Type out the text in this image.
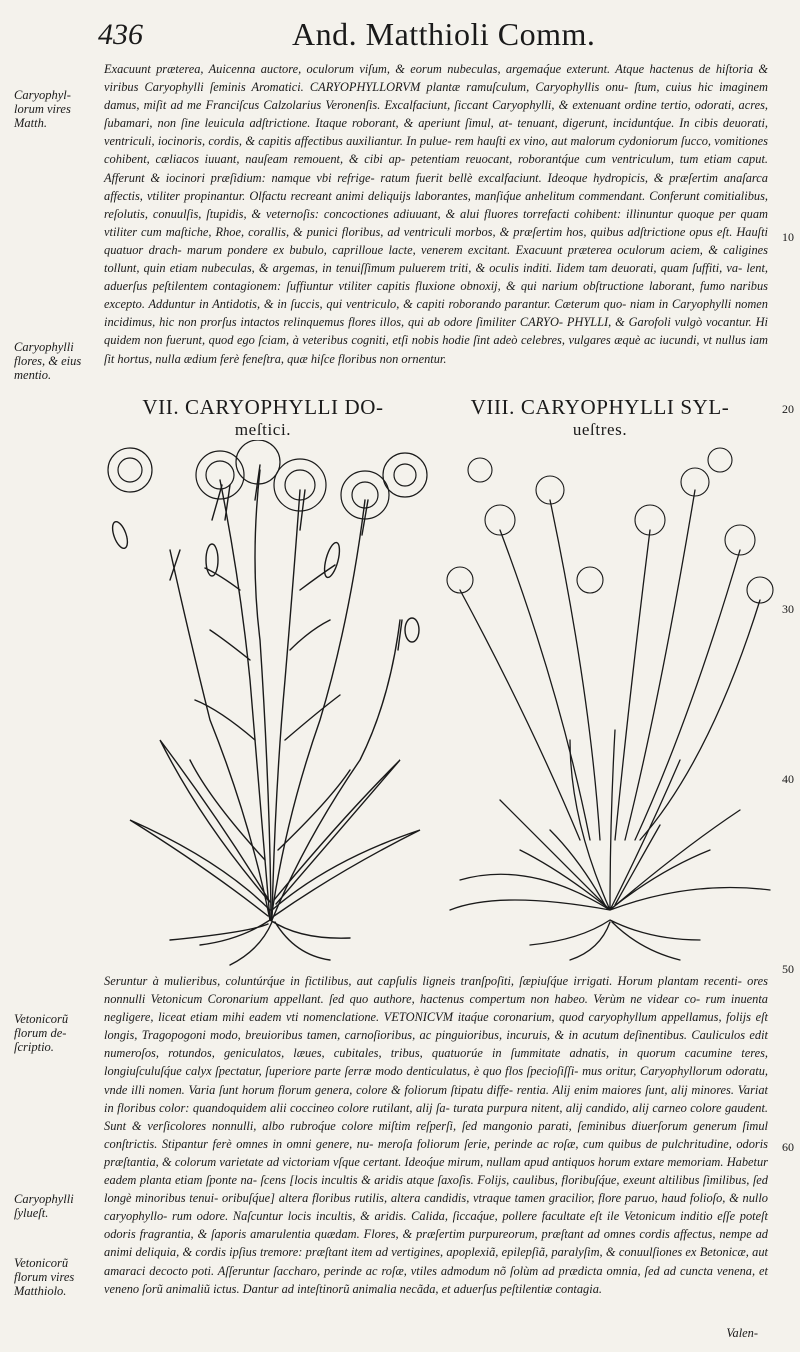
436	And. Matthioli Comm.
Caryophyl- lorum vires Matth.
Caryophylli flores, & eius mentio.
Vetonicorũ florum de- ſcriptio.
Caryophylli ſylueſt.
Vetonicorũ florum vires Matthiolo.
10
20
30
40
50
60

Exacuunt præterea, Auicenna auctore, oculorum viſum, & eorum nubeculas, argemaq́ue exterunt. Atque hactenus de hiſtoria & viribus Caryophylli ſeminis Aromatici. CARYOPHYLLORVM plantæ ramuſculum, Caryophyllis onu- ſtum, cuius hic imaginem damus, miſit ad me Franciſcus Calzolarius Veronenſis. Excalfaciunt, ſiccant Caryophylli, & extenuant ordine tertio, odorati, acres, ſubamari, non ſine leuicula adſtrictione. Itaque roborant, & aperiunt ſimul, at- tenuant, digerunt, inciduntq́ue. In cibis deuorati, ventriculi, iocinoris, cordis, & capitis affectibus auxiliantur. In pulue- rem hauſti ex vino, aut malorum cydoniorum ſucco, vomitiones cohibent, cæliacos iuuant, nauſeam remouent, & cibi ap- petentiam reuocant, roborantq́ue cum ventriculum, tum etiam caput. Afferunt & iocinori præſidium: namque vbi refrige- ratum fuerit bellè excalfaciunt. Ideoque hydropicis, & præſertim anaſarca affectis, vtiliter propinantur. Olfactu recreant animi deliquijs laborantes, manſiq́ue anhelitum commendant. Conferunt comitialibus, reſolutis, conuulſis, ſtupidis, & veternoſis: concoctiones adiuuant, & alui fluores torrefacti cohibent: illinuntur quoque per quam vtiliter cum maſtiche, Rhoe, corallis, & punici floribus, ad ventriculi morbos, & præſertim hos, quibus adſtrictione opus eſt. Hauſti quatuor drach- marum pondere ex bubulo, caprilloue lacte, venerem excitant. Exacuunt præterea oculorum aciem, & caligines tollunt, quin etiam nubeculas, & argemas, in tenuiſſimum puluerem triti, & oculis inditi. Iidem tam deuorati, quam ſuffiti, va- lent, aduerſus peſtilentem contagionem: ſuffiuntur vtiliter capitis fluxione obnoxij, & qui narium obſtructione laborant, fumo naribus excepto. Adduntur in Antidotis, & in ſuccis, qui ventriculo, & capiti roborando parantur. Cæterum quo- niam in Caryophylli nomen incidimus, hic non prorſus intactos relinquemus flores illos, qui ab odore ſimiliter CARYO- PHYLLI, & Garofoli vulgò vocantur. Hi quidem non fuerunt, quod ego ſciam, à veteribus cogniti, etſi nobis hodie ſint adeò celebres, vulgares æquè ac iucundi, vt nullus iam ſit hortus, nulla ædium ferè feneſtra, quæ hiſce floribus non ornentur.

VII. CARYOPHYLLI DO-
meſtici.
VIII. CARYOPHYLLI SYL-
ueſtres.

Seruntur à mulieribus, coluntúrq́ue in fictilibus, aut capſulis ligneis tranſpoſiti, ſæpiuſq́ue irrigati. Horum plantam recenti- ores nonnulli Vetonicum Coronarium appellant. ſed quo authore, hactenus compertum non habeo. Verùm ne videar co- rum inuenta negligere, liceat etiam mihi eadem vti nomenclatione. VETONICVM itaq́ue coronarium, quod caryophyllum appellamus, folijs eſt longis, Tragopogoni modo, breuioribus tamen, carnoſioribus, ac pinguioribus, incuruis, & in acutum deſinentibus. Cauliculos edit numeroſos, rotundos, geniculatos, læues, cubitales, tribus, quatuorúe in ſummitate adnatis, in quorum cacumine teres, longiuſculuſq́ue calyx ſpectatur, ſuperiore parte ſerræ modo denticulatus, è quo flos ſpecioſiſſi- mus oritur, Caryophyllorum odoratu, vnde illi nomen. Varia ſunt horum florum genera, colore & foliorum ſtipatu diffe- rentia. Alij enim maiores ſunt, alij minores. Variat in floribus color: quandoquidem alii coccineo colore rutilant, alij ſa- turata purpura nitent, alij candido, alij carneo colore gaudent. Sunt & verſicolores nonnulli, albo rubroq́ue colore miſtim reſperſi, ſed mangonio parati, ſeminibus diuerſorum generum ſimul conſtrictis. Stipantur ferè omnes in omni genere, nu- meroſa foliorum ſerie, perinde ac roſæ, cum quibus de pulchritudine, odoris præſtantia, & colorum varietate ad victoriam vſque certant. Ideoq́ue mirum, nullam apud antiquos horum extare memoriam. Habetur eadem planta etiam ſponte na- ſcens [locis incultis & aridis atque ſaxoſis. Folijs, caulibus, floribuſq́ue, exeunt altilibus ſimilibus, ſed longè minoribus tenui- oribuſq́ue] altera floribus rutilis, altera candidis, vtraque tamen gracilior, flore paruo, haud folioſo, & nullo caryophyllo- rum odore. Naſcuntur locis incultis, & aridis. Calida, ſiccaq́ue, pollere facultate eſt ile Vetonicum inditio eſſe poteſt odoris fragrantia, & ſaporis amarulentia quædam. Flores, & præſertim purpureorum, præſtant ad omnes cordis affectus, nempe ad animi deliquia, & cordis ipſius tremore: præſtant item ad vertigines, apoplexiã, epilepſiã, paralyſim, & conuulſiones ex Betonicæ, aut amaraci decocto poti. Aſſeruntur ſaccharo, perinde ac roſæ, vtiles admodum nõ ſolùm ad prædicta omnia, ſed ad cuncta venena, et veneno ſorũ animaliũ ictus. Dantur ad inteſtinorũ animalia necãda, et aduerſus peſtilentiæ contagia.

Valen-
